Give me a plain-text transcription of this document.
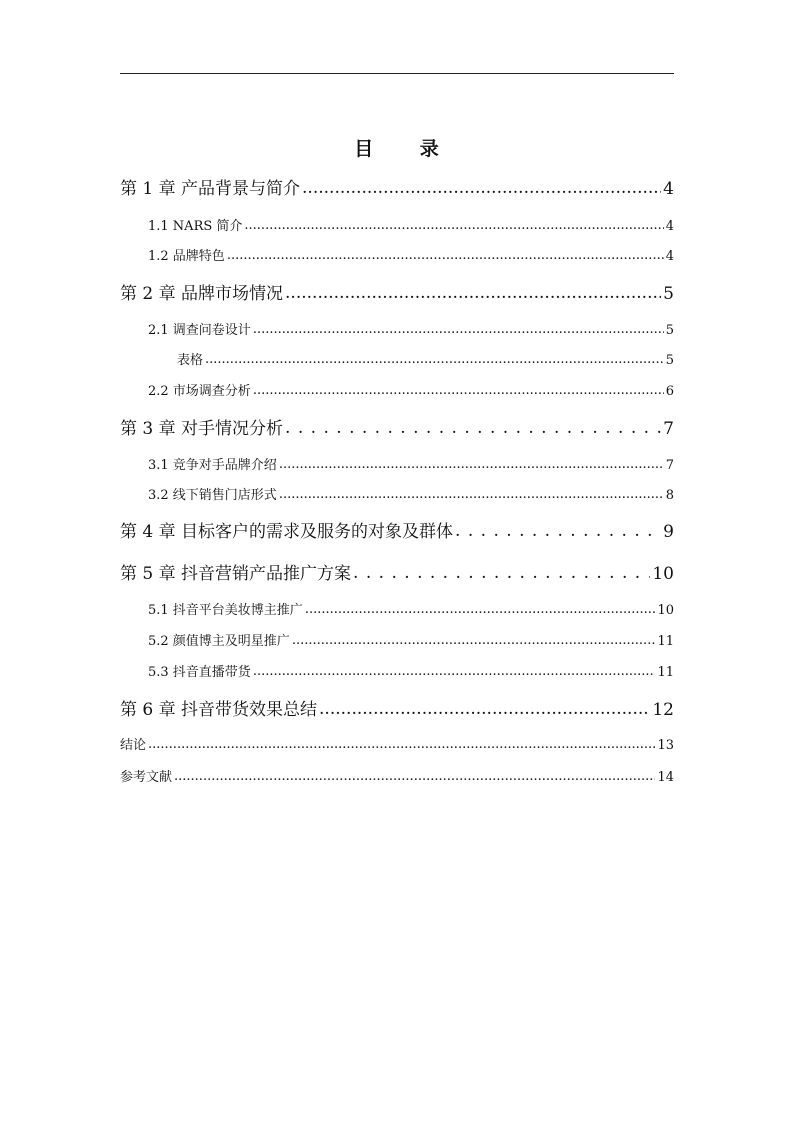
目 录
第 1 章 产品背景与简介 .....	4
1.1 NARS 简介 .....	4
1.2 品牌特色 .....	4
第 2 章 品牌市场情况 .....	5
2.1 调查问卷设计 .....	5
表格 .....	5
2.2 市场调查分析 .....	6
第 3 章 对手情况分析 . . .	7
3.1 竞争对手品牌介绍 .....	7
3.2 线下销售门店形式 .....	8
第 4 章 目标客户的需求及服务的对象及群体 . . .	9
第 5 章 抖音营销产品推广方案 . . .	10
5.1 抖音平台美妆博主推广 .....	10
5.2 颜值博主及明星推广 .....	11
5.3 抖音直播带货 .....	11
第 6 章 抖音带货效果总结 .....	12
结论 .....	13
参考文献 .....	14
